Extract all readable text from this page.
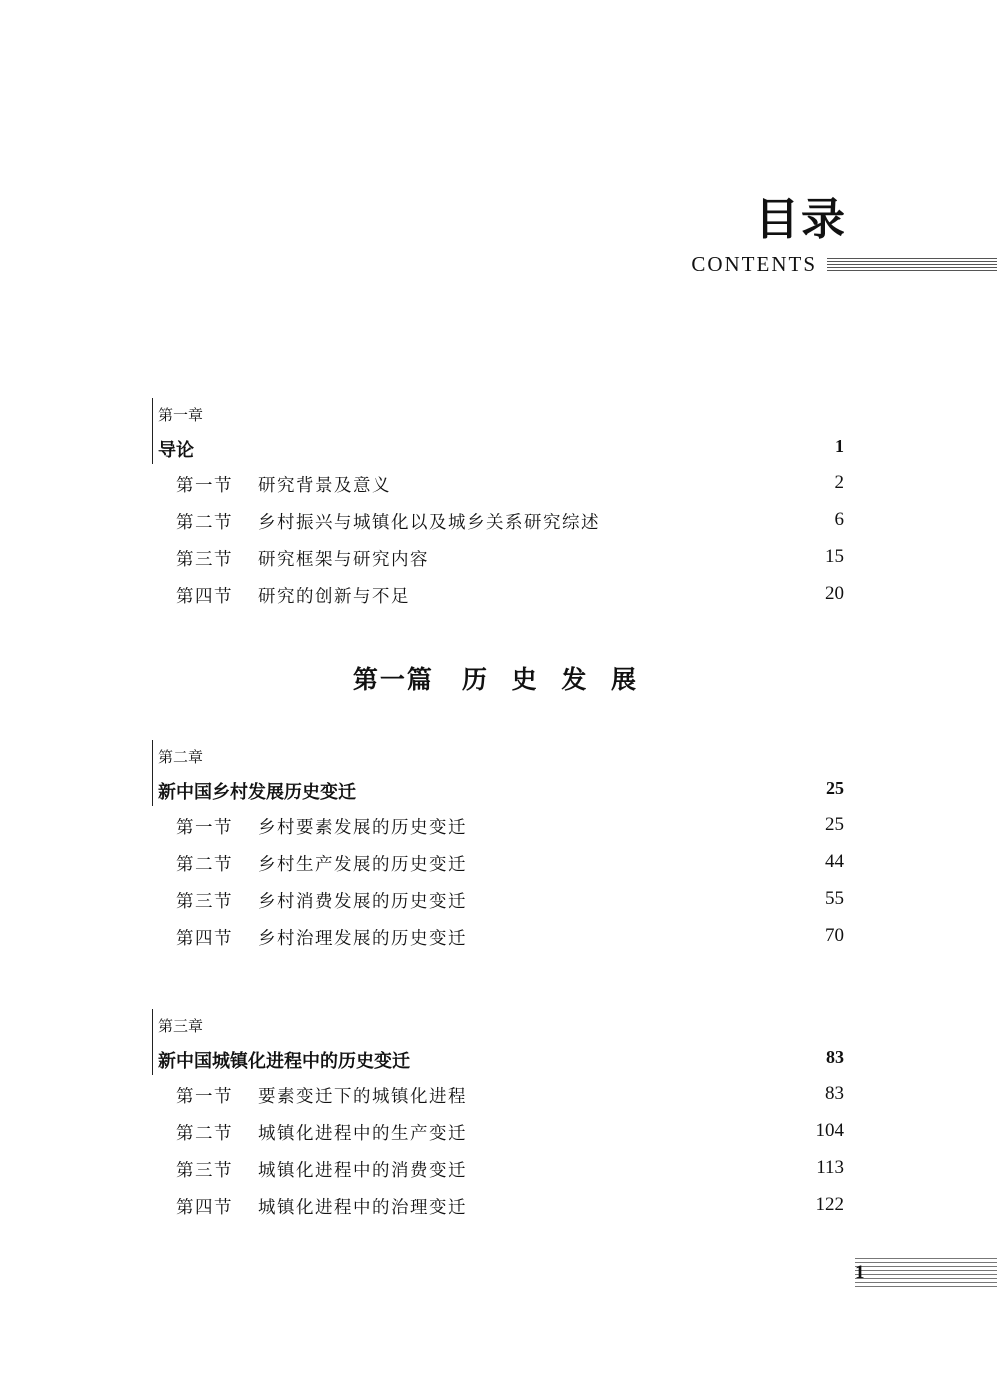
目录
CONTENTS
第一章
导论	1
第一节 研究背景及意义	2
第二节 乡村振兴与城镇化以及城乡关系研究综述	6
第三节 研究框架与研究内容	15
第四节 研究的创新与不足	20
第一篇 历 史 发 展
第二章
新中国乡村发展历史变迁	25
第一节 乡村要素发展的历史变迁	25
第二节 乡村生产发展的历史变迁	44
第三节 乡村消费发展的历史变迁	55
第四节 乡村治理发展的历史变迁	70
第三章
新中国城镇化进程中的历史变迁	83
第一节 要素变迁下的城镇化进程	83
第二节 城镇化进程中的生产变迁	104
第三节 城镇化进程中的消费变迁	113
第四节 城镇化进程中的治理变迁	122
1
